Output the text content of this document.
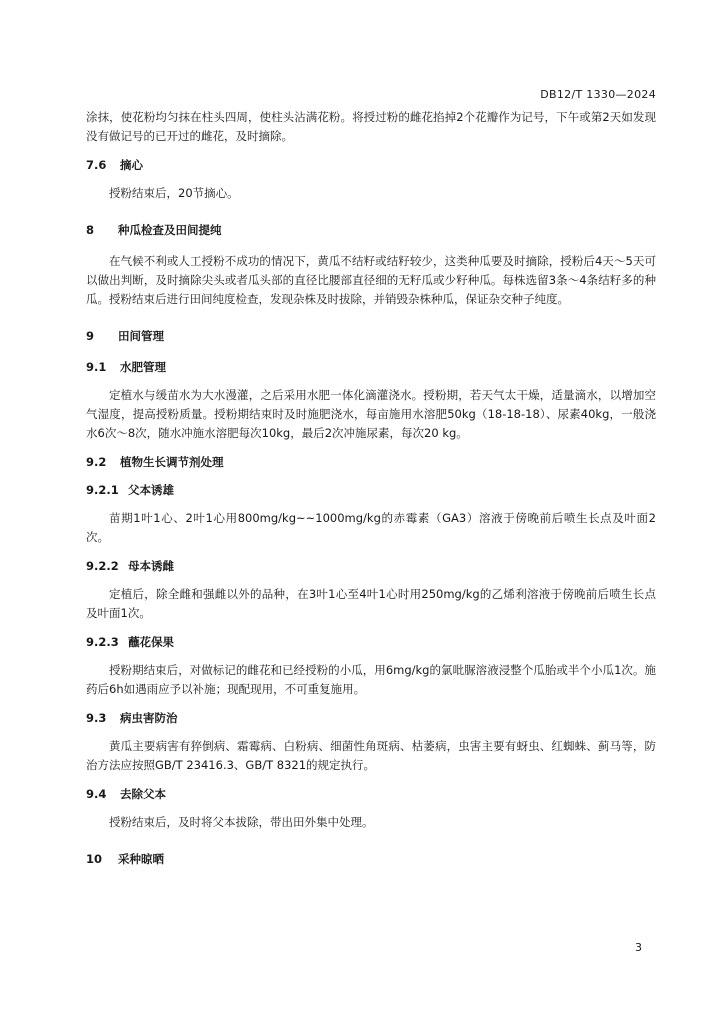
DB12/T 1330—2024

涂抹，使花粉均匀抹在柱头四周，使柱头沾满花粉。将授过粉的雌花掐掉2个花瓣作为记号，下午或第2天如发现没有做记号的已开过的雌花，及时摘除。

7.6 摘心

授粉结束后，20节摘心。

8 种瓜检查及田间提纯

在气候不利或人工授粉不成功的情况下，黄瓜不结籽或结籽较少，这类种瓜要及时摘除，授粉后4天～5天可以做出判断，及时摘除尖头或者瓜头部的直径比腰部直径细的无籽瓜或少籽种瓜。每株选留3条～4条结籽多的种瓜。授粉结束后进行田间纯度检查，发现杂株及时拔除，并销毁杂株种瓜，保证杂交种子纯度。

9 田间管理
9.1 水肥管理

定植水与缓苗水为大水漫灌，之后采用水肥一体化滴灌浇水。授粉期，若天气太干燥，适量滴水，以增加空气湿度，提高授粉质量。授粉期结束时及时施肥浇水，每亩施用水溶肥50kg（18-18-18）、尿素40kg，一般浇水6次～8次，随水冲施水溶肥每次10kg，最后2次冲施尿素，每次20 kg。

9.2 植物生长调节剂处理
9.2.1 父本诱雄

苗期1叶1心、2叶1心用800mg/kg~~1000mg/kg的赤霉素（GA3）溶液于傍晚前后喷生长点及叶面2次。

9.2.2 母本诱雌

定植后，除全雌和强雌以外的品种，在3叶1心至4叶1心时用250mg/kg的乙烯利溶液于傍晚前后喷生长点及叶面1次。

9.2.3 蘸花保果

授粉期结束后，对做标记的雌花和已经授粉的小瓜，用6mg/kg的氯吡脲溶液浸整个瓜胎或半个小瓜1次。施药后6h如遇雨应予以补施；现配现用，不可重复施用。

9.3 病虫害防治

黄瓜主要病害有猝倒病、霜霉病、白粉病、细菌性角斑病、枯萎病，虫害主要有蚜虫、红蜘蛛、蓟马等，防治方法应按照GB/T 23416.3、GB/T 8321的规定执行。

9.4 去除父本

授粉结束后，及时将父本拔除，带出田外集中处理。

10 采种晾晒
3
